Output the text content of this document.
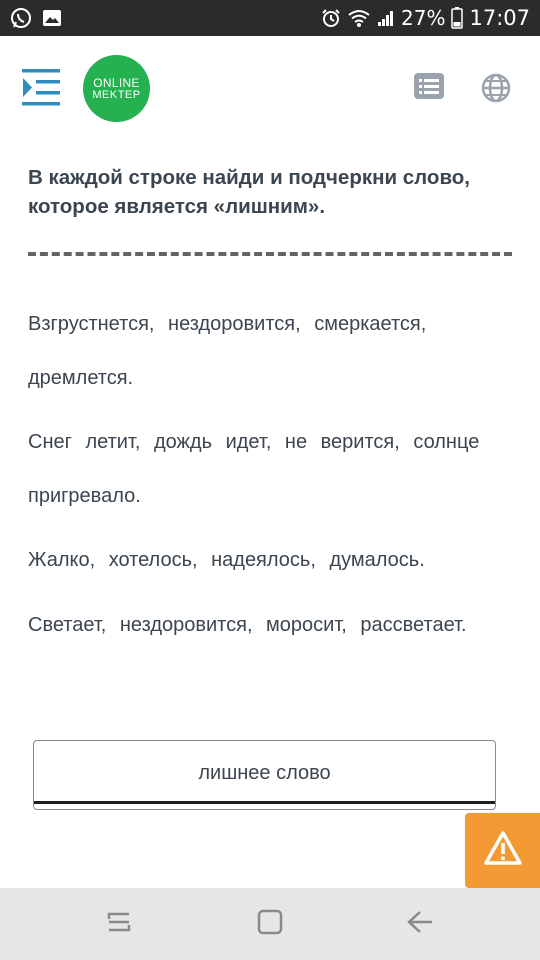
27% 17:07
ONLINE
MEKTEP
В каждой строке найди и подчеркни слово, которое является «лишним».
Взгрустнется, нездоровится, смеркается, дремлется.
Снег летит, дождь идет, не верится, солнце пригревало.
Жалко, хотелось, надеялось, думалось.
Светает, нездоровится, моросит, рассветает.
лишнее слово
